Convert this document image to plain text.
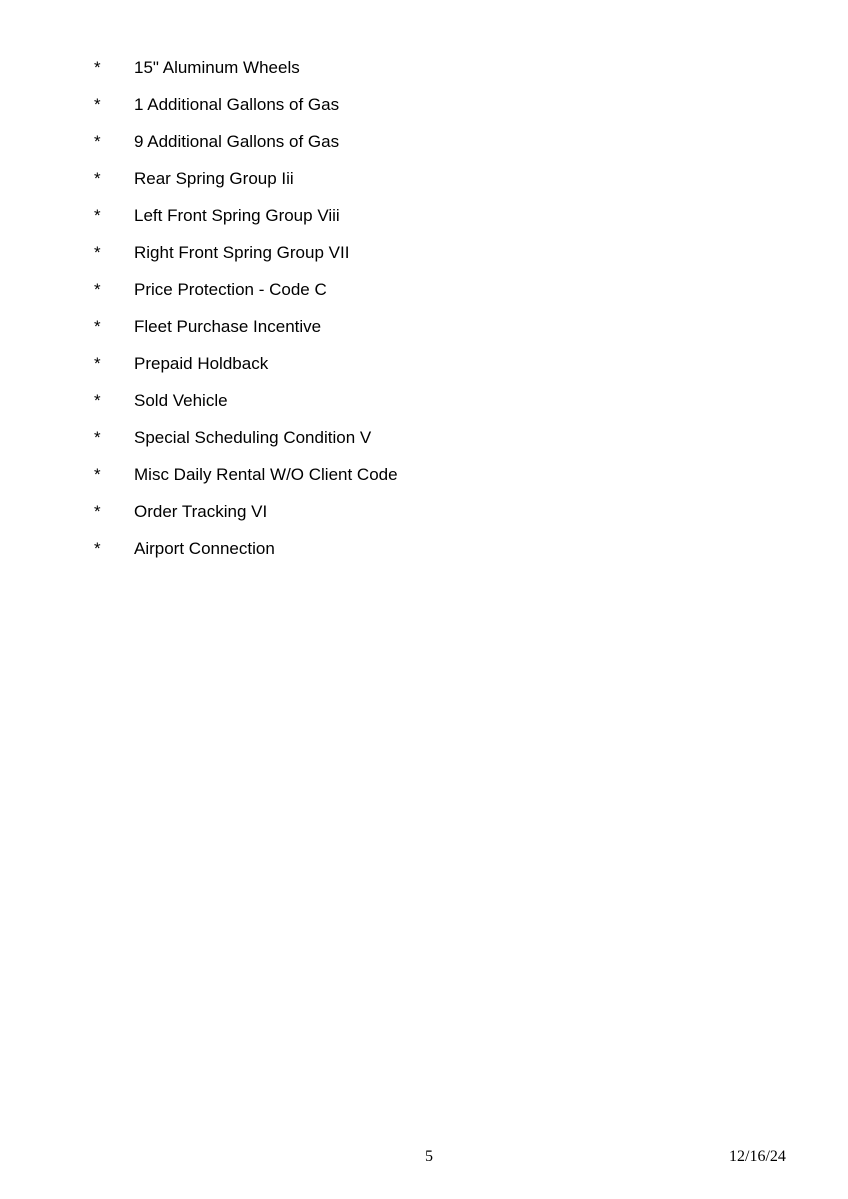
* 15" Aluminum Wheels
* 1 Additional Gallons of Gas
* 9 Additional Gallons of Gas
* Rear Spring Group Iii
* Left Front Spring Group Viii
* Right Front Spring Group VII
* Price Protection - Code C
* Fleet Purchase Incentive
* Prepaid Holdback
* Sold Vehicle
* Special Scheduling Condition V
* Misc Daily Rental W/O Client Code
* Order Tracking VI
* Airport Connection
5	12/16/24
